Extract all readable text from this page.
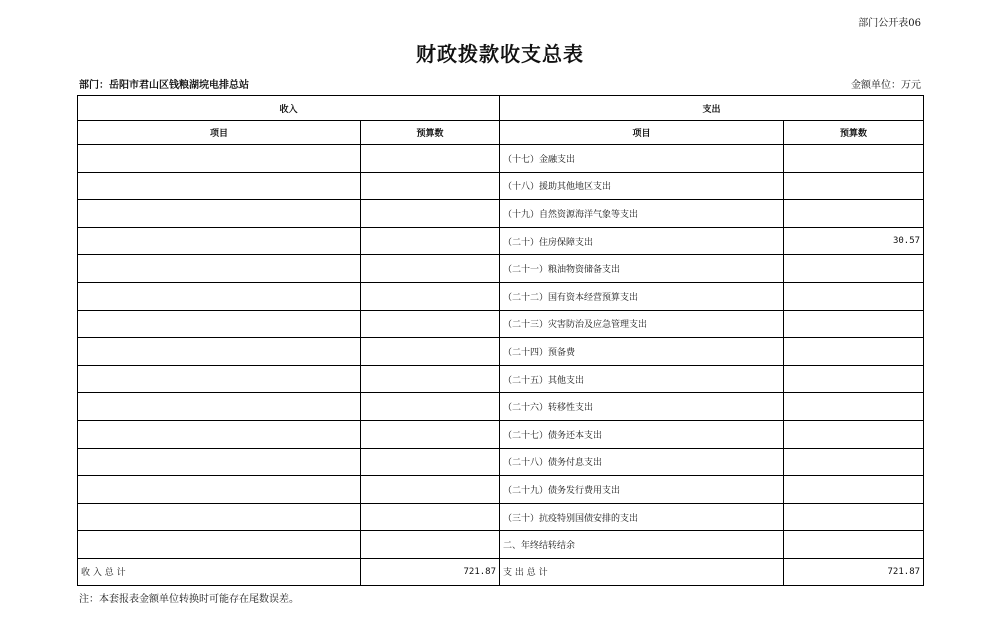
部门公开表06
财政拨款收支总表
部门：岳阳市君山区钱粮湖垸电排总站	金额单位：万元
收入		支出	
项目	预算数	项目	预算数
		（十七）金融支出	
		（十八）援助其他地区支出	
		（十九）自然资源海洋气象等支出	
		（二十）住房保障支出	30.57
		（二十一）粮油物资储备支出	
		（二十二）国有资本经营预算支出	
		（二十三）灾害防治及应急管理支出	
		（二十四）预备费	
		（二十五）其他支出	
		（二十六）转移性支出	
		（二十七）债务还本支出	
		（二十八）债务付息支出	
		（二十九）债务发行费用支出	
		（三十）抗疫特别国债安排的支出	
		二、年终结转结余	
收 入 总 计	721.87	支 出 总 计	721.87
注：本套报表金额单位转换时可能存在尾数误差。
